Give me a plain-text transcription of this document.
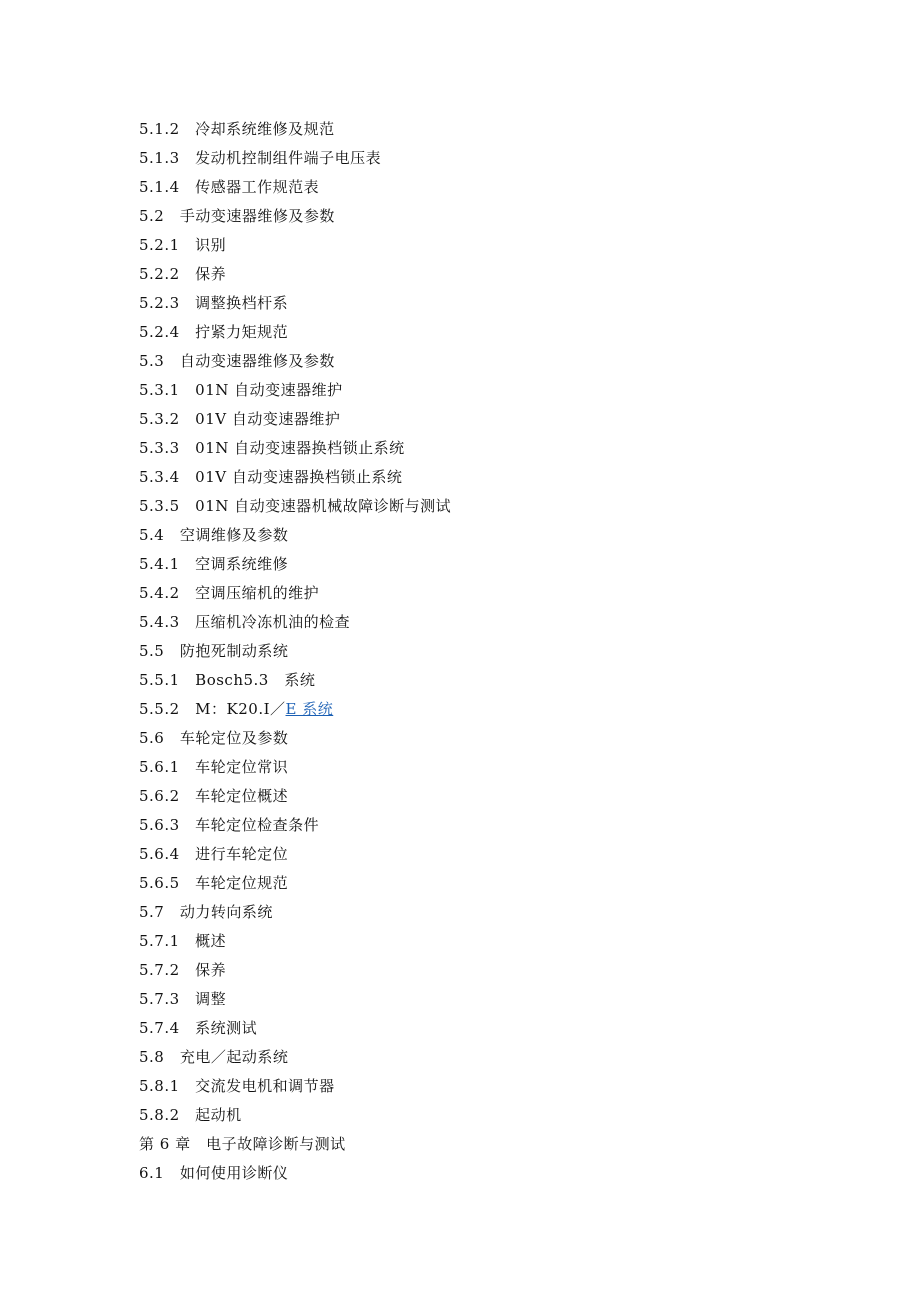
5.1.2　冷却系统维修及规范
5.1.3　发动机控制组件端子电压表
5.1.4　传感器工作规范表
5.2　手动变速器维修及参数
5.2.1　识别
5.2.2　保养
5.2.3　调整换档杆系
5.2.4　拧紧力矩规范
5.3　自动变速器维修及参数
5.3.1　01N 自动变速器维护
5.3.2　01V 自动变速器维护
5.3.3　01N 自动变速器换档锁止系统
5.3.4　01V 自动变速器换档锁止系统
5.3.5　01N 自动变速器机械故障诊断与测试
5.4　空调维修及参数
5.4.1　空调系统维修
5.4.2　空调压缩机的维护
5.4.3　压缩机冷冻机油的检查
5.5　防抱死制动系统
5.5.1　Bosch5.3　系统
5.5.2　M：K20.I／E 系统
5.6　车轮定位及参数
5.6.1　车轮定位常识
5.6.2　车轮定位概述
5.6.3　车轮定位检查条件
5.6.4　进行车轮定位
5.6.5　车轮定位规范
5.7　动力转向系统
5.7.1　概述
5.7.2　保养
5.7.3　调整
5.7.4　系统测试
5.8　充电／起动系统
5.8.1　交流发电机和调节器
5.8.2　起动机
第 6 章　电子故障诊断与测试
6.1　如何使用诊断仪
